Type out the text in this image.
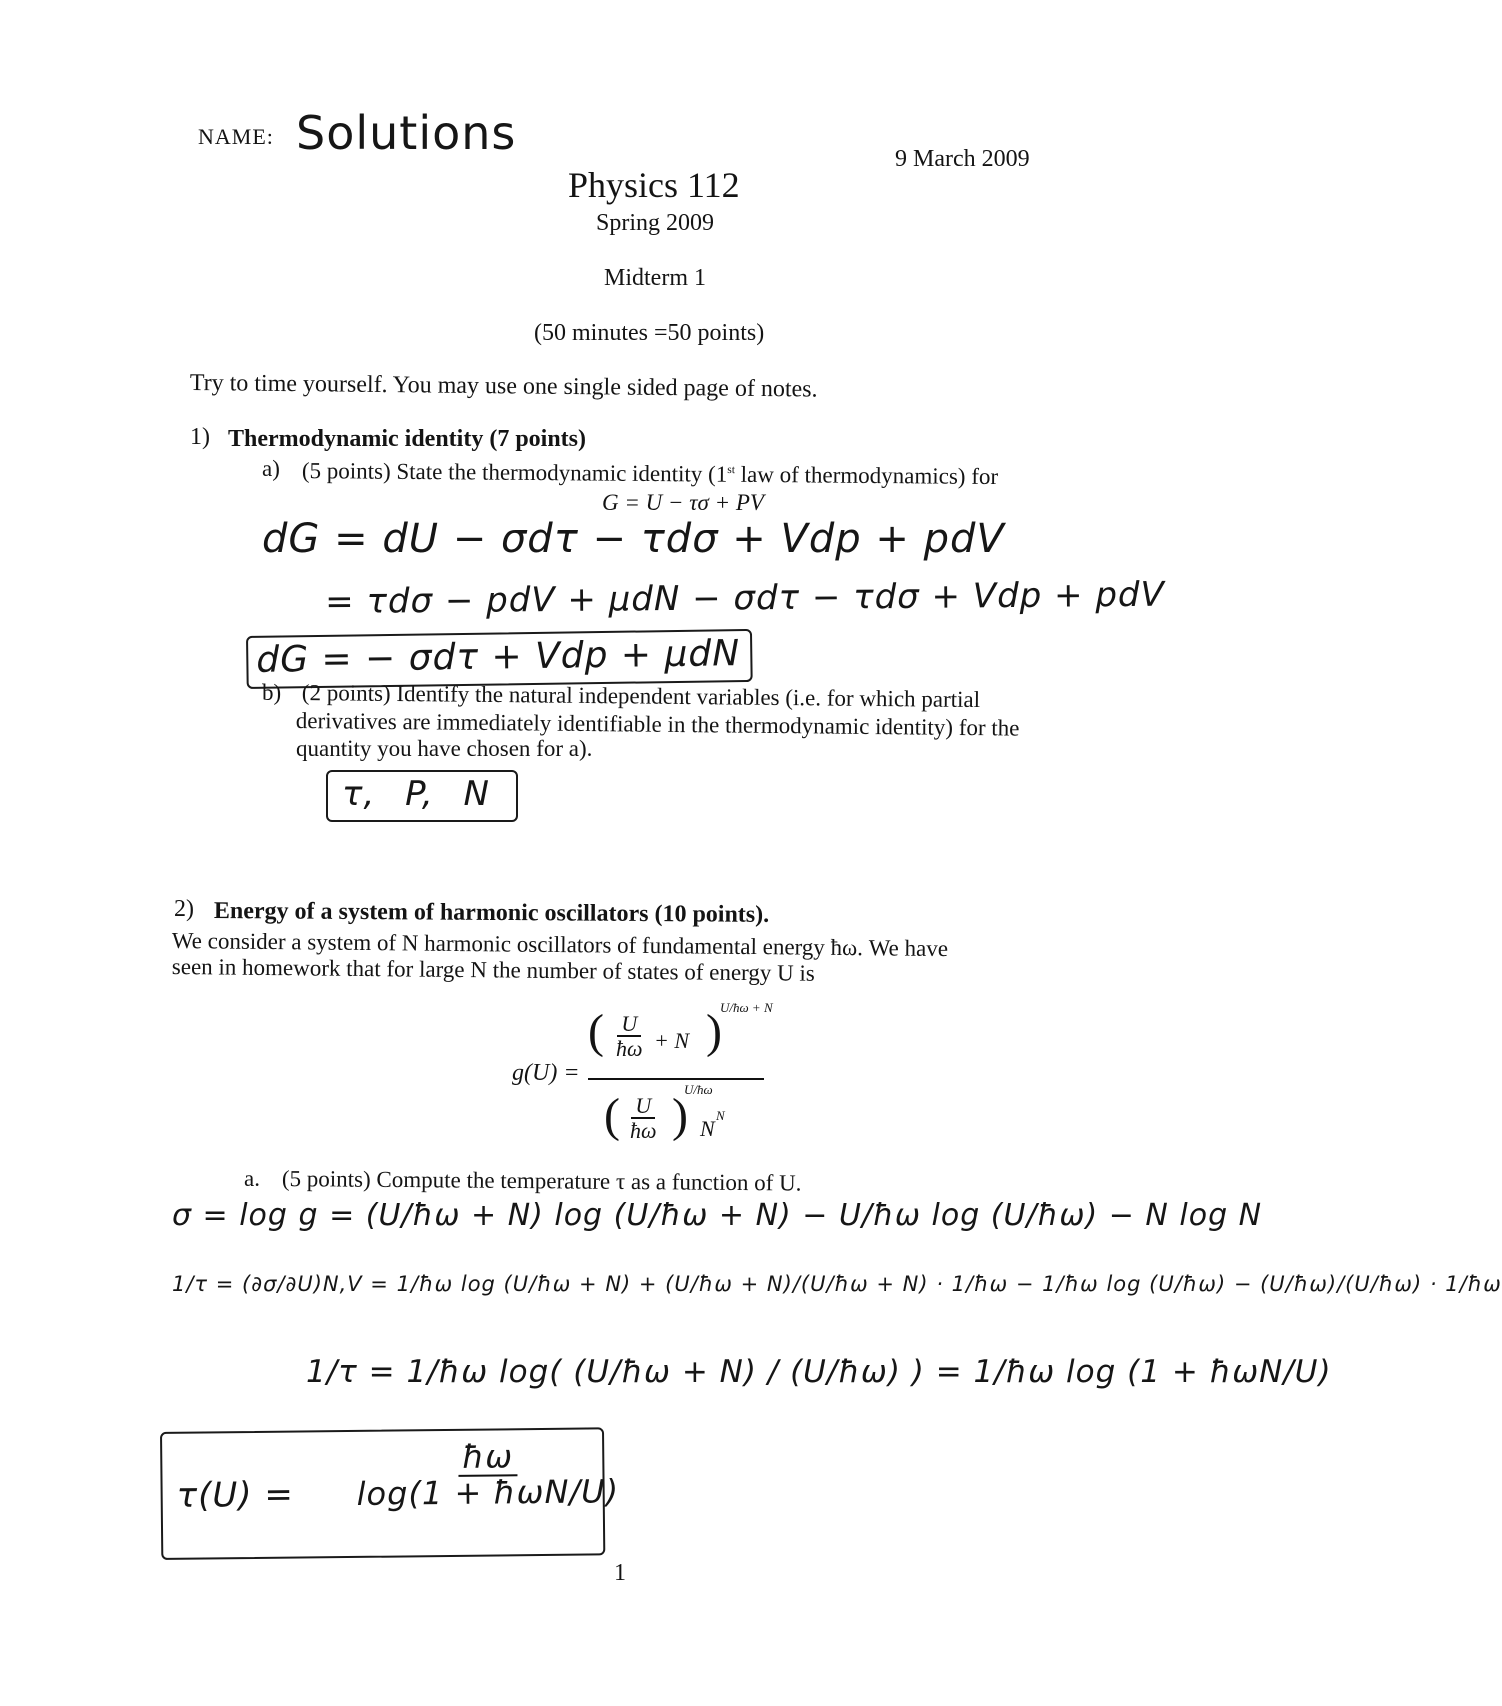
NAME: Solutions	9 March 2009
Physics 112
Spring 2009
Midterm 1
(50 minutes =50 points)
Try to time yourself. You may use one single sided page of notes.
1) Thermodynamic identity (7 points)
a) (5 points) State the thermodynamic identity (1st law of thermodynamics) for
G = U − τσ + PV
dG = dU − σdτ − τdσ + Vdp + pdV
= τdσ − pdV + μdN − σdτ − τdσ + Vdp + pdV
dG = − σdτ + Vdp + μdN
b) (2 points) Identify the natural independent variables (i.e. for which partial
derivatives are immediately identifiable in the thermodynamic identity) for the
quantity you have chosen for a).
τ, P, N
2) Energy of a system of harmonic oscillators (10 points).
We consider a system of N harmonic oscillators of fundamental energy ħω. We have
seen in homework that for large N the number of states of energy U is
g(U) =
( $\frac{U}{ħ\omega} + N$ )
U/ħω + N
( $\frac{U}{ħ\omega}$ )
U/ħω
N
N
a. (5 points) Compute the temperature τ as a function of U.
σ = log g = (U/ħω + N) log (U/ħω + N) − U/ħω log (U/ħω) − N log N
1/τ = (∂σ/∂U)N,V = 1/ħω log (U/ħω + N) + (U/ħω + N)/(U/ħω + N) · 1/ħω − 1/ħω log (U/ħω) − (U/ħω)/(U/ħω) · 1/ħω
1/τ = 1/ħω log( (U/ħω + N) / (U/ħω) ) = 1/ħω log (1 + ħωN/U)
τ(U) =
ħω
log(1 + ħωN/U)
1
